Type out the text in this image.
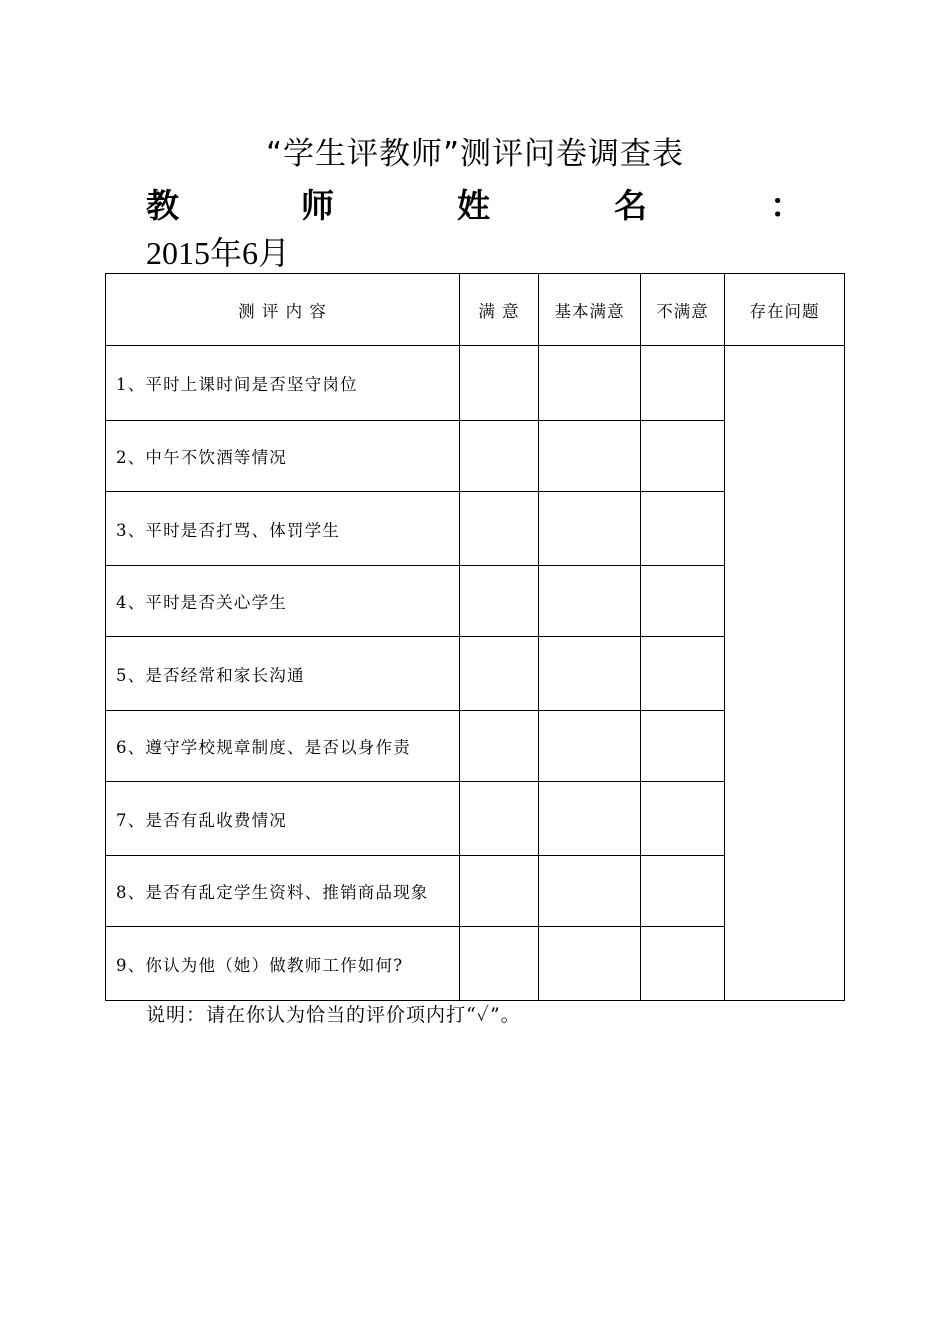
“学生评教师”测评问卷调查表
教	师	姓	名	：
2015年6月
测 评 内 容	满 意	基本满意	不满意	存在问题
1、平时上课时间是否坚守岗位				
2、中午不饮酒等情况				
3、平时是否打骂、体罚学生				
4、平时是否关心学生				
5、是否经常和家长沟通				
6、遵守学校规章制度、是否以身作责				
7、是否有乱收费情况				
8、是否有乱定学生资料、推销商品现象				
9、你认为他（她）做教师工作如何?				
说明：请在你认为恰当的评价项内打“✓”。
